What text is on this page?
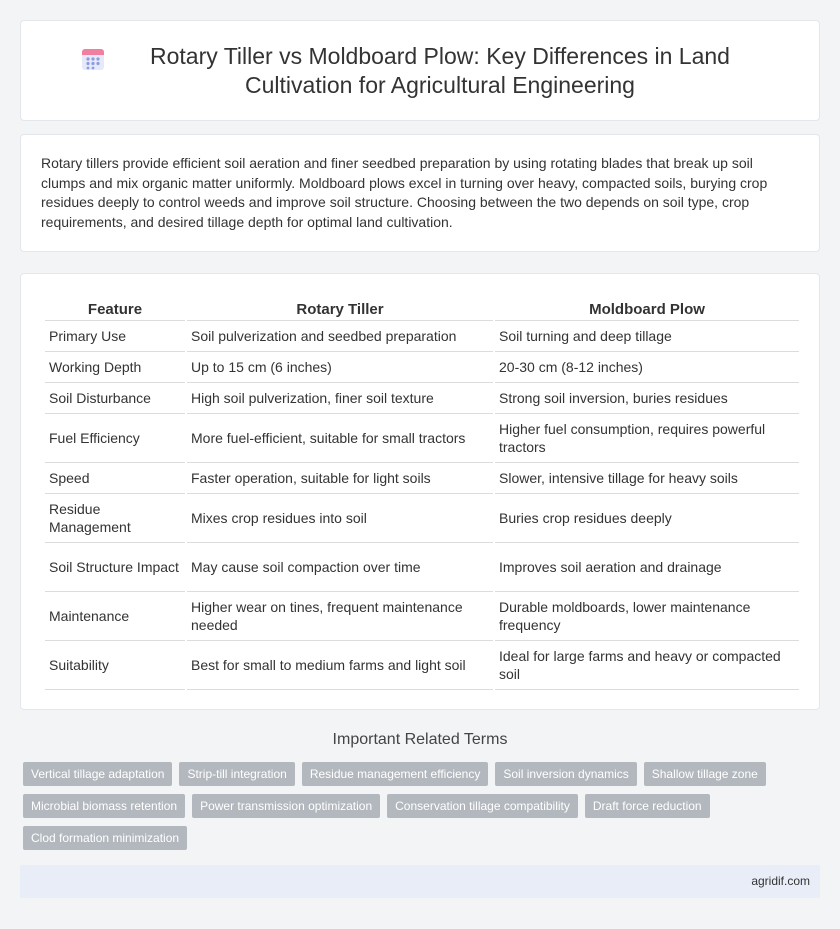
Rotary Tiller vs Moldboard Plow: Key Differences in Land Cultivation for Agricultural Engineering

Rotary tillers provide efficient soil aeration and finer seedbed preparation by using rotating blades that break up soil clumps and mix organic matter uniformly. Moldboard plows excel in turning over heavy, compacted soils, burying crop residues deeply to control weeds and improve soil structure. Choosing between the two depends on soil type, crop requirements, and desired tillage depth for optimal land cultivation.

Feature	Rotary Tiller	Moldboard Plow
Primary Use	Soil pulverization and seedbed preparation	Soil turning and deep tillage
Working Depth	Up to 15 cm (6 inches)	20-30 cm (8-12 inches)
Soil Disturbance	High soil pulverization, finer soil texture	Strong soil inversion, buries residues
Fuel Efficiency	More fuel-efficient, suitable for small tractors	Higher fuel consumption, requires powerful tractors
Speed	Faster operation, suitable for light soils	Slower, intensive tillage for heavy soils
Residue Management	Mixes crop residues into soil	Buries crop residues deeply
Soil Structure Impact	May cause soil compaction over time	Improves soil aeration and drainage
Maintenance	Higher wear on tines, frequent maintenance needed	Durable moldboards, lower maintenance frequency
Suitability	Best for small to medium farms and light soil	Ideal for large farms and heavy or compacted soil
Important Related Terms
Vertical tillage adaptation	Strip-till integration	Residue management efficiency	Soil inversion dynamics	Shallow tillage zone
Microbial biomass retention	Power transmission optimization	Conservation tillage compatibility	Draft force reduction
Clod formation minimization
agridif.com
